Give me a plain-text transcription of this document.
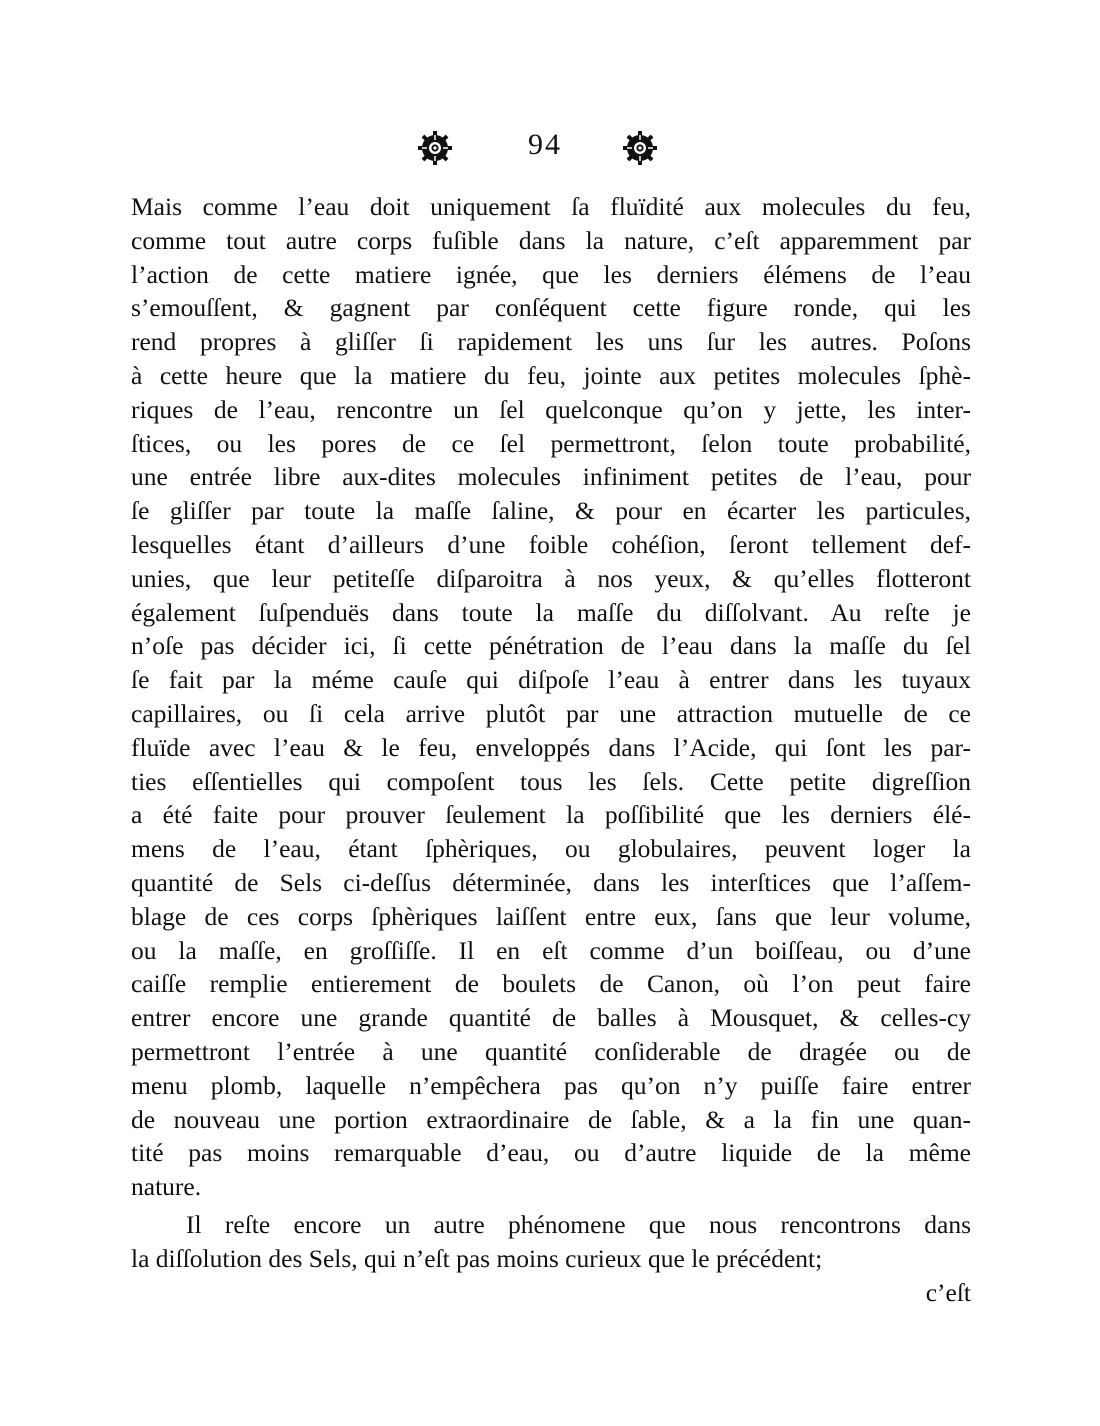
94
Mais comme l’eau doit uniquement ſa fluïdité aux molecules du feu,
comme tout autre corps fuſible dans la nature, c’eſt apparemment par
l’action de cette matiere ignée, que les derniers élémens de l’eau
s’emouſſent, & gagnent par conſéquent cette figure ronde, qui les
rend propres à gliſſer ſi rapidement les uns ſur les autres. Poſons
à cette heure que la matiere du feu, jointe aux petites molecules ſphè-
riques de l’eau, rencontre un ſel quelconque qu’on y jette, les inter-
ſtices, ou les pores de ce ſel permettront, ſelon toute probabilité,
une entrée libre aux-dites molecules infiniment petites de l’eau, pour
ſe gliſſer par toute la maſſe ſaline, & pour en écarter les particules,
lesquelles étant d’ailleurs d’une foible cohéſion, ſeront tellement def-
unies, que leur petiteſſe diſparoitra à nos yeux, & qu’elles flotteront
également ſuſpenduës dans toute la maſſe du diſſolvant. Au reſte je
n’oſe pas décider ici, ſi cette pénétration de l’eau dans la maſſe du ſel
ſe fait par la méme cauſe qui diſpoſe l’eau à entrer dans les tuyaux
capillaires, ou ſi cela arrive plutôt par une attraction mutuelle de ce
fluïde avec l’eau & le feu, enveloppés dans l’Acide, qui ſont les par-
ties eſſentielles qui compoſent tous les ſels. Cette petite digreſſion
a été faite pour prouver ſeulement la poſſibilité que les derniers élé-
mens de l’eau, étant ſphèriques, ou globulaires, peuvent loger la
quantité de Sels ci-deſſus déterminée, dans les interſtices que l’aſſem-
blage de ces corps ſphèriques laiſſent entre eux, ſans que leur volume,
ou la maſſe, en groſſiſſe. Il en eſt comme d’un boiſſeau, ou d’une
caiſſe remplie entierement de boulets de Canon, où l’on peut faire
entrer encore une grande quantité de balles à Mousquet, & celles-cy
permettront l’entrée à une quantité conſiderable de dragée ou de
menu plomb, laquelle n’empêchera pas qu’on n’y puiſſe faire entrer
de nouveau une portion extraordinaire de ſable, & a la fin une quan-
tité pas moins remarquable d’eau, ou d’autre liquide de la même
nature.
Il reſte encore un autre phénomene que nous rencontrons dans
la diſſolution des Sels, qui n’eſt pas moins curieux que le précédent;
c’eſt
